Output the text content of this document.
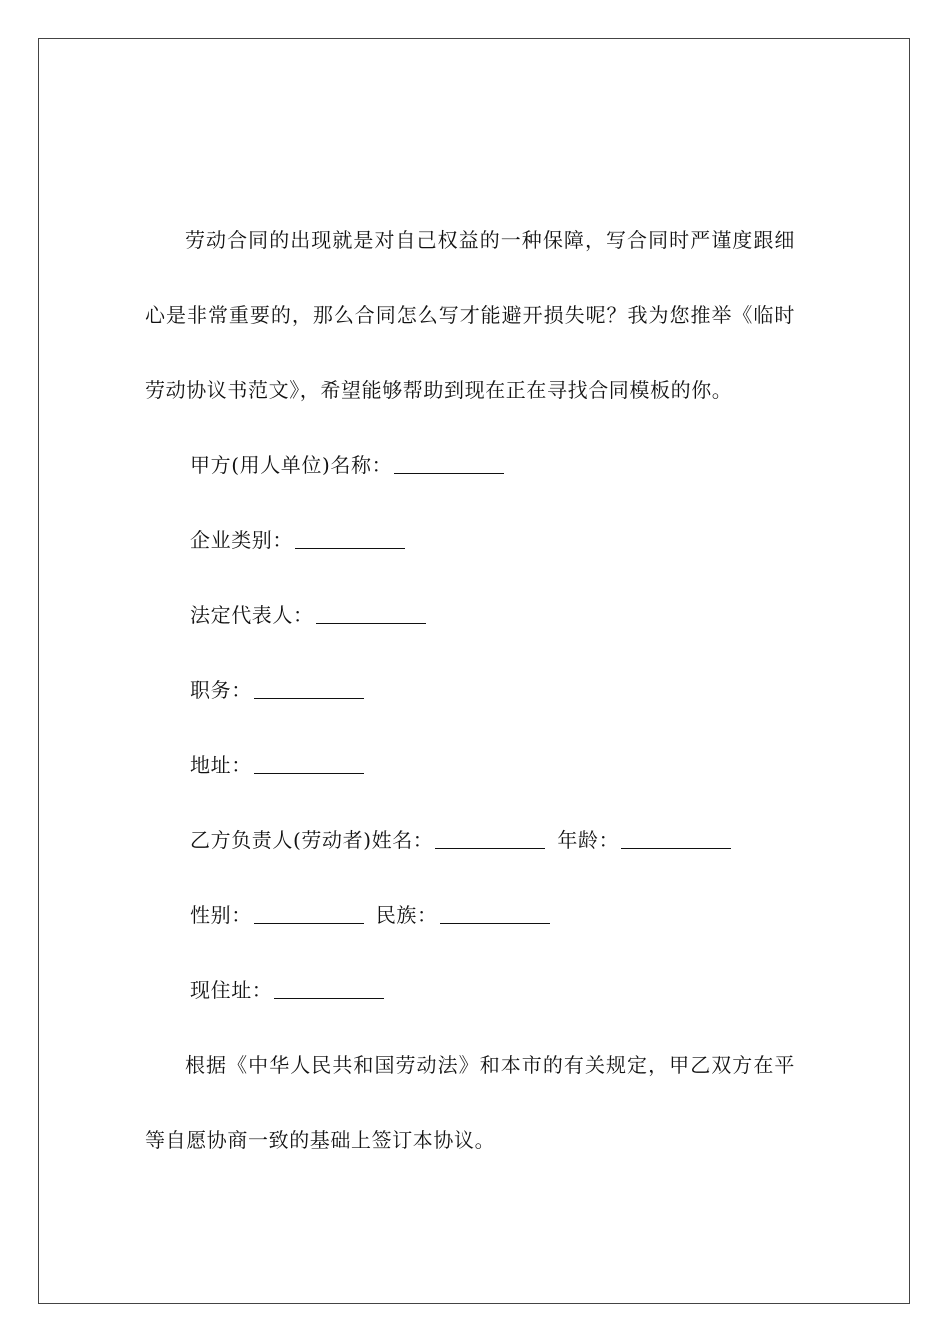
劳动合同的出现就是对自己权益的一种保障，写合同时严谨度跟细心是非常重要的，那么合同怎么写才能避开损失呢？我为您推举《临时劳动协议书范文》，希望能够帮助到现在正在寻找合同模板的你。

甲方(用人单位)名称：

企业类别：

法定代表人：

职务：

地址：

乙方负责人(劳动者)姓名：	年龄：

性别：	民族：

现住址：

根据《中华人民共和国劳动法》和本市的有关规定，甲乙双方在平等自愿协商一致的基础上签订本协议。
